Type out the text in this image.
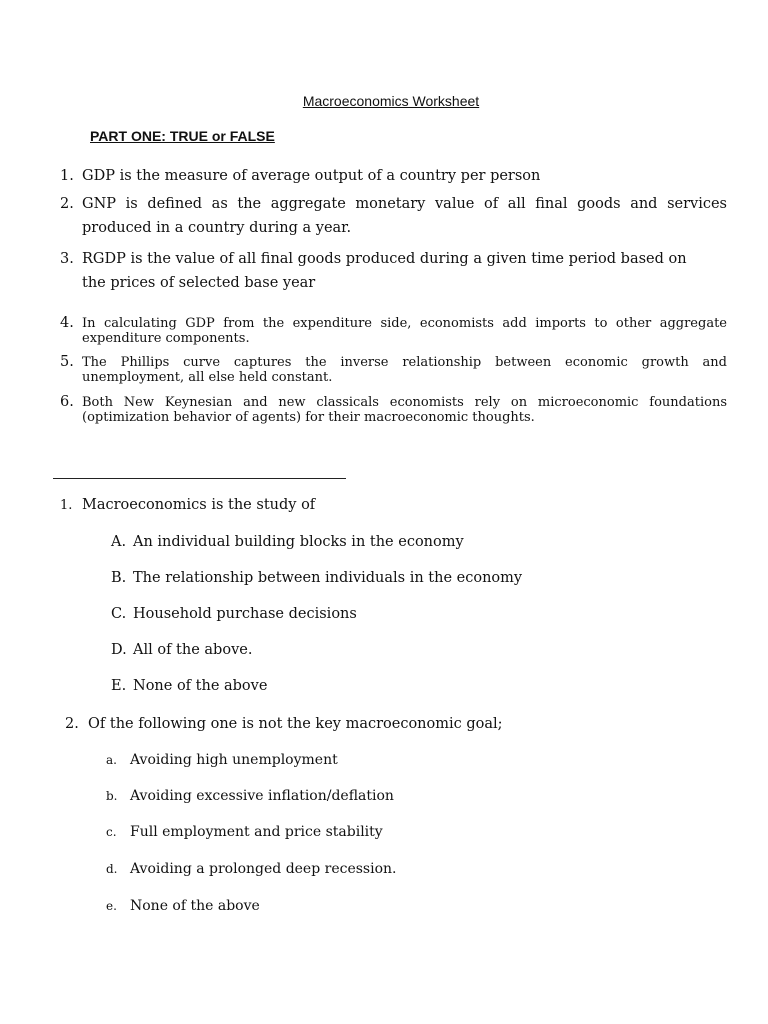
Macroeconomics Worksheet
PART ONE: TRUE or FALSE
1. GDP is the measure of average output of a country per person
2. GNP is defined as the aggregate monetary value of all final goods and services
produced in a country during a year.
3. RGDP is the value of all final goods produced during a given time period based on
the prices of selected base year
4. In calculating GDP from the expenditure side, economists add imports to other aggregate
expenditure components.
5. The Phillips curve captures the inverse relationship between economic growth and
unemployment, all else held constant.
6. Both New Keynesian and new classicals economists rely on microeconomic foundations
(optimization behavior of agents) for their macroeconomic thoughts.
1. Macroeconomics is the study of
A. An individual building blocks in the economy
B. The relationship between individuals in the economy
C. Household purchase decisions
D. All of the above.
E. None of the above
2. Of the following one is not the key macroeconomic goal;
a. Avoiding high unemployment
b. Avoiding excessive inflation/deflation
c. Full employment and price stability
d. Avoiding a prolonged deep recession.
e. None of the above
